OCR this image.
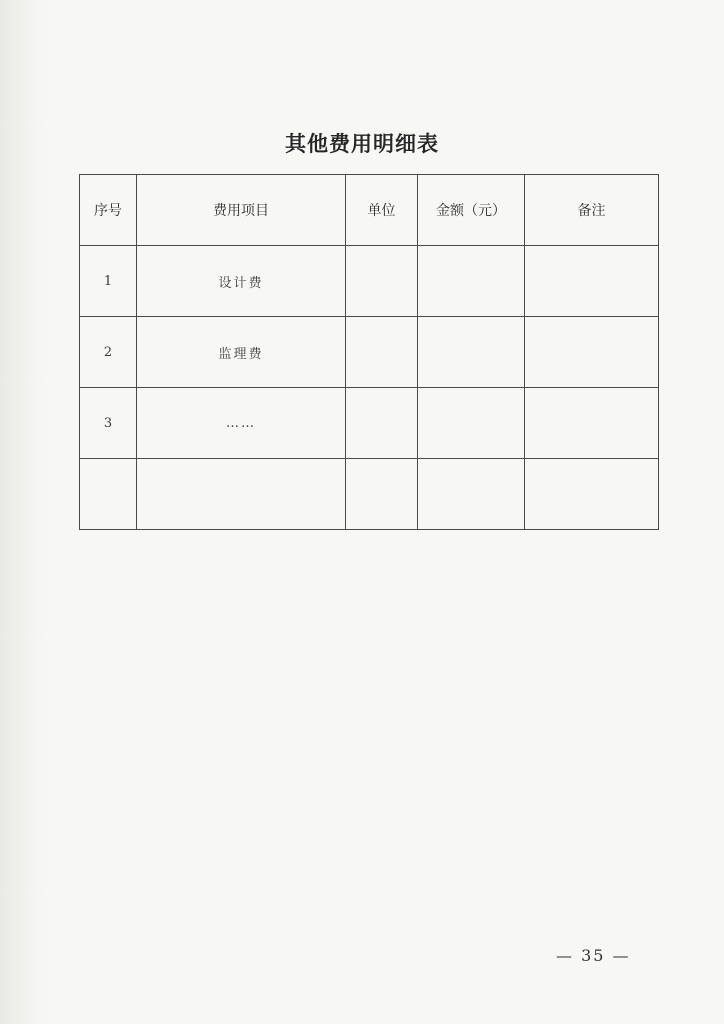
其他费用明细表
序号	费用项目	单位	金额（元）	备注
1	设计费			
2	监理费			
3	……			

— 35 —
